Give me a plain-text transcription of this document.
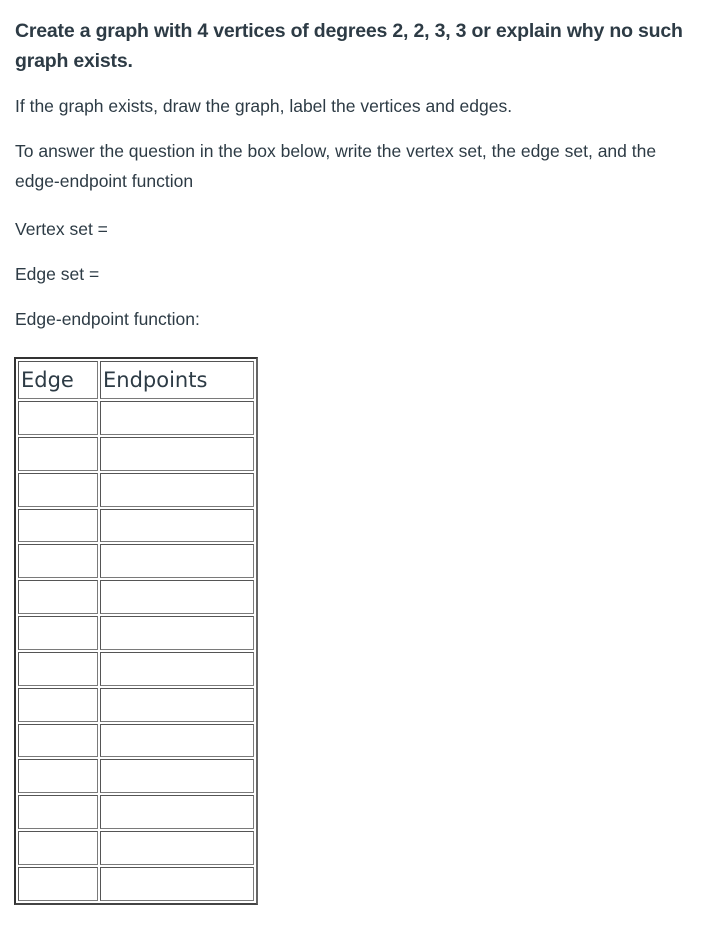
Create a graph with 4 vertices of degrees 2, 2, 3, 3 or explain why no such graph exists.

If the graph exists, draw the graph, label the vertices and edges.

To answer the question in the box below, write the vertex set, the edge set, and the edge-endpoint function

Vertex set =

Edge set =

Edge-endpoint function:

Edge	Endpoints
